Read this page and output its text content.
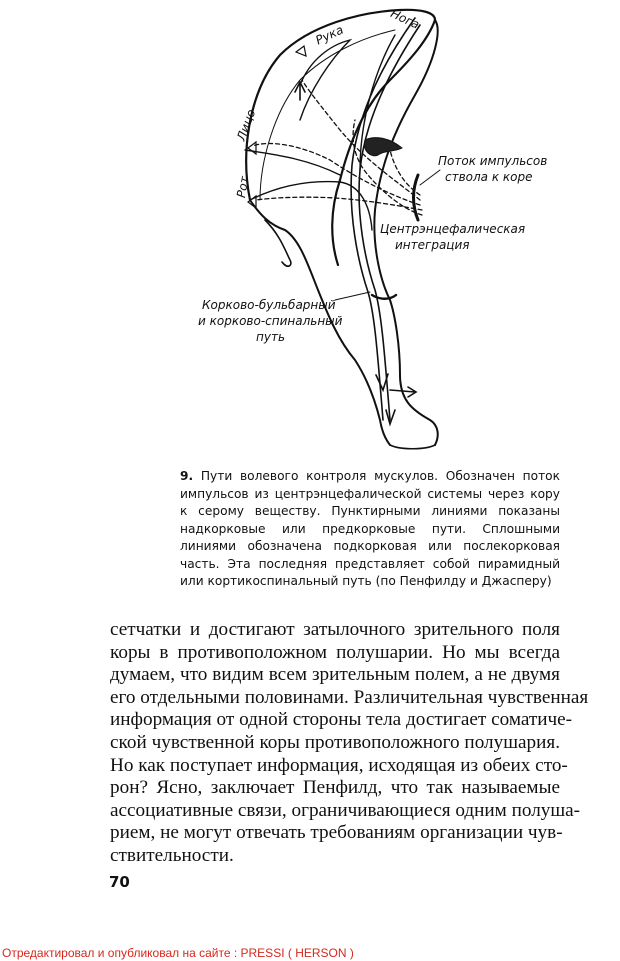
Нога
Рука
Лицо
Рот
Поток импульсов
ствола к коре
Центрэнцефалическая
интеграция
Корково-бульбарный
и корково-спинальный
путь
9. Пути волевого контроля мускулов. Обозначен поток импульсов из центрэнцефалической системы через кору к серому веществу. Пунктирными линиями показаны надкорковые или предкорковые пути. Сплошными линиями обозначена подкорковая или послекорковая часть. Эта последняя представляет собой пирамидный или кортикоспинальный путь (по Пенфилду и Джасперу)
сетчатки и достигают затылочного зрительного поля
коры в противоположном полушарии. Но мы всегда
думаем, что видим всем зрительным полем, а не двумя
его отдельными половинами. Различительная чувственная
информация от одной стороны тела достигает соматиче-
ской чувственной коры противоположного полушария.
Но как поступает информация, исходящая из обеих сто-
рон? Ясно, заключает Пенфилд, что так называемые
ассоциативные связи, ограничивающиеся одним полуша-
рием, не могут отвечать требованиям организации чув-
ствительности.
70
Отредактировал и опубликовал на сайте : PRESSI ( HERSON )
